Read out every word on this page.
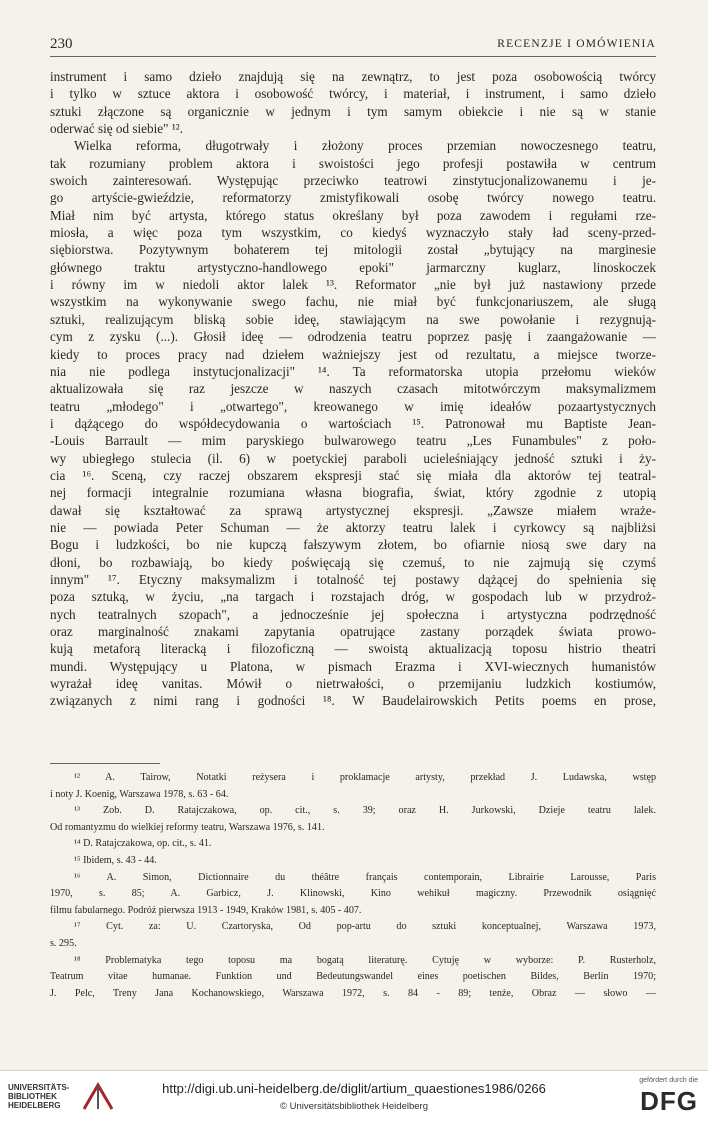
230	RECENZJE I OMÓWIENIA

instrument i samo dzieło znajdują się na zewnątrz, to jest poza osobowością twórcy

i tylko w sztuce aktora i osobowość twórcy, i materiał, i instrument, i samo dzieło

sztuki złączone są organicznie w jednym i tym samym obiekcie i nie są w stanie

oderwać się od siebie" ¹².

Wielka reforma, długotrwały i złożony proces przemian nowoczesnego teatru,

tak rozumiany problem aktora i swoistości jego profesji postawiła w centrum

swoich zainteresowań. Występując przeciwko teatrowi zinstytucjonalizowanemu i je-

go artyście-gwieździe, reformatorzy zmistyfikowali osobę twórcy nowego teatru.

Miał nim być artysta, którego status określany był poza zawodem i regułami rze-

miosła, a więc poza tym wszystkim, co kiedyś wyznaczyło stały ład sceny-przed-

siębiorstwa. Pozytywnym bohaterem tej mitologii został „bytujący na marginesie

głównego traktu artystyczno-handlowego epoki" jarmarczny kuglarz, linoskoczek

i równy im w niedoli aktor lalek ¹³. Reformator „nie był już nastawiony przede

wszystkim na wykonywanie swego fachu, nie miał być funkcjonariuszem, ale sługą

sztuki, realizującym bliską sobie ideę, stawiającym na swe powołanie i rezygnują-

cym z zysku (...). Głosił ideę — odrodzenia teatru poprzez pasję i zaangażowanie —

kiedy to proces pracy nad dziełem ważniejszy jest od rezultatu, a miejsce tworze-

nia nie podlega instytucjonalizacji" ¹⁴. Ta reformatorska utopia przełomu wieków

aktualizowała się raz jeszcze w naszych czasach mitotwórczym maksymalizmem

teatru „młodego" i „otwartego", kreowanego w imię ideałów pozaartystycznych

i dążącego do współdecydowania o wartościach ¹⁵. Patronował mu Baptiste Jean-

-Louis Barrault — mim paryskiego bulwarowego teatru „Les Funambules" z poło-

wy ubiegłego stulecia (il. 6) w poetyckiej paraboli ucieleśniający jedność sztuki i ży-

cia ¹⁶. Sceną, czy raczej obszarem ekspresji stać się miała dla aktorów tej teatral-

nej formacji integralnie rozumiana własna biografia, świat, który zgodnie z utopią

dawał się kształtować za sprawą artystycznej ekspresji. „Zawsze miałem wraże-

nie — powiada Peter Schuman — że aktorzy teatru lalek i cyrkowcy są najbliżsi

Bogu i ludzkości, bo nie kupczą fałszywym złotem, bo ofiarnie niosą swe dary na

dłoni, bo rozbawiają, bo kiedy poświęcają się czemuś, to nie zajmują się czymś

innym" ¹⁷. Etyczny maksymalizm i totalność tej postawy dążącej do spełnienia się

poza sztuką, w życiu, „na targach i rozstajach dróg, w gospodach lub w przydroż-

nych teatralnych szopach", a jednocześnie jej społeczna i artystyczna podrzędność

oraz marginalność znakami zapytania opatrujące zastany porządek świata prowo-

kują metaforą literacką i filozoficzną — swoistą aktualizacją toposu histrio theatri

mundi. Występujący u Platona, w pismach Erazma i XVI-wiecznych humanistów

wyrażał ideę vanitas. Mówił o nietrwałości, o przemijaniu ludzkich kostiumów,

związanych z nimi rang i godności ¹⁸. W Baudelairowskich Petits poems en prose,

¹² A. Tairow, Notatki reżysera i proklamacje artysty, przekład J. Ludawska, wstęp

i noty J. Koenig, Warszawa 1978, s. 63 - 64.

¹³ Zob. D. Ratajczakowa, op. cit., s. 39; oraz H. Jurkowski, Dzieje teatru lalek.

Od romantyzmu do wielkiej reformy teatru, Warszawa 1976, s. 141.

¹⁴ D. Ratajczakowa, op. cit., s. 41.

¹⁵ Ibidem, s. 43 - 44.

¹⁶ A. Simon, Dictionnaire du théâtre français contemporain, Librairie Larousse, Paris

1970, s. 85; A. Garbicz, J. Klinowski, Kino wehikuł magiczny. Przewodnik osiągnięć

filmu fabularnego. Podróż pierwsza 1913 - 1949, Kraków 1981, s. 405 - 407.

¹⁷ Cyt. za: U. Czartoryska, Od pop-artu do sztuki konceptualnej, Warszawa 1973,

s. 295.

¹⁸ Problematyka tego toposu ma bogatą literaturę. Cytuję w wyborze: P. Rusterholz,

Teatrum vitae humanae. Funktion und Bedeutungswandel eines poetischen Bildes, Berlin 1970;

J. Pelc, Treny Jana Kochanowskiego, Warszawa 1972, s. 84 - 89; tenże, Obraz — słowo —

UNIVERSITÄTS-
BIBLIOTHEK
HEIDELBERG
http://digi.ub.uni-heidelberg.de/diglit/artium_quaestiones1986/0266
© Universitätsbibliothek Heidelberg
gefördert durch die
DFG
